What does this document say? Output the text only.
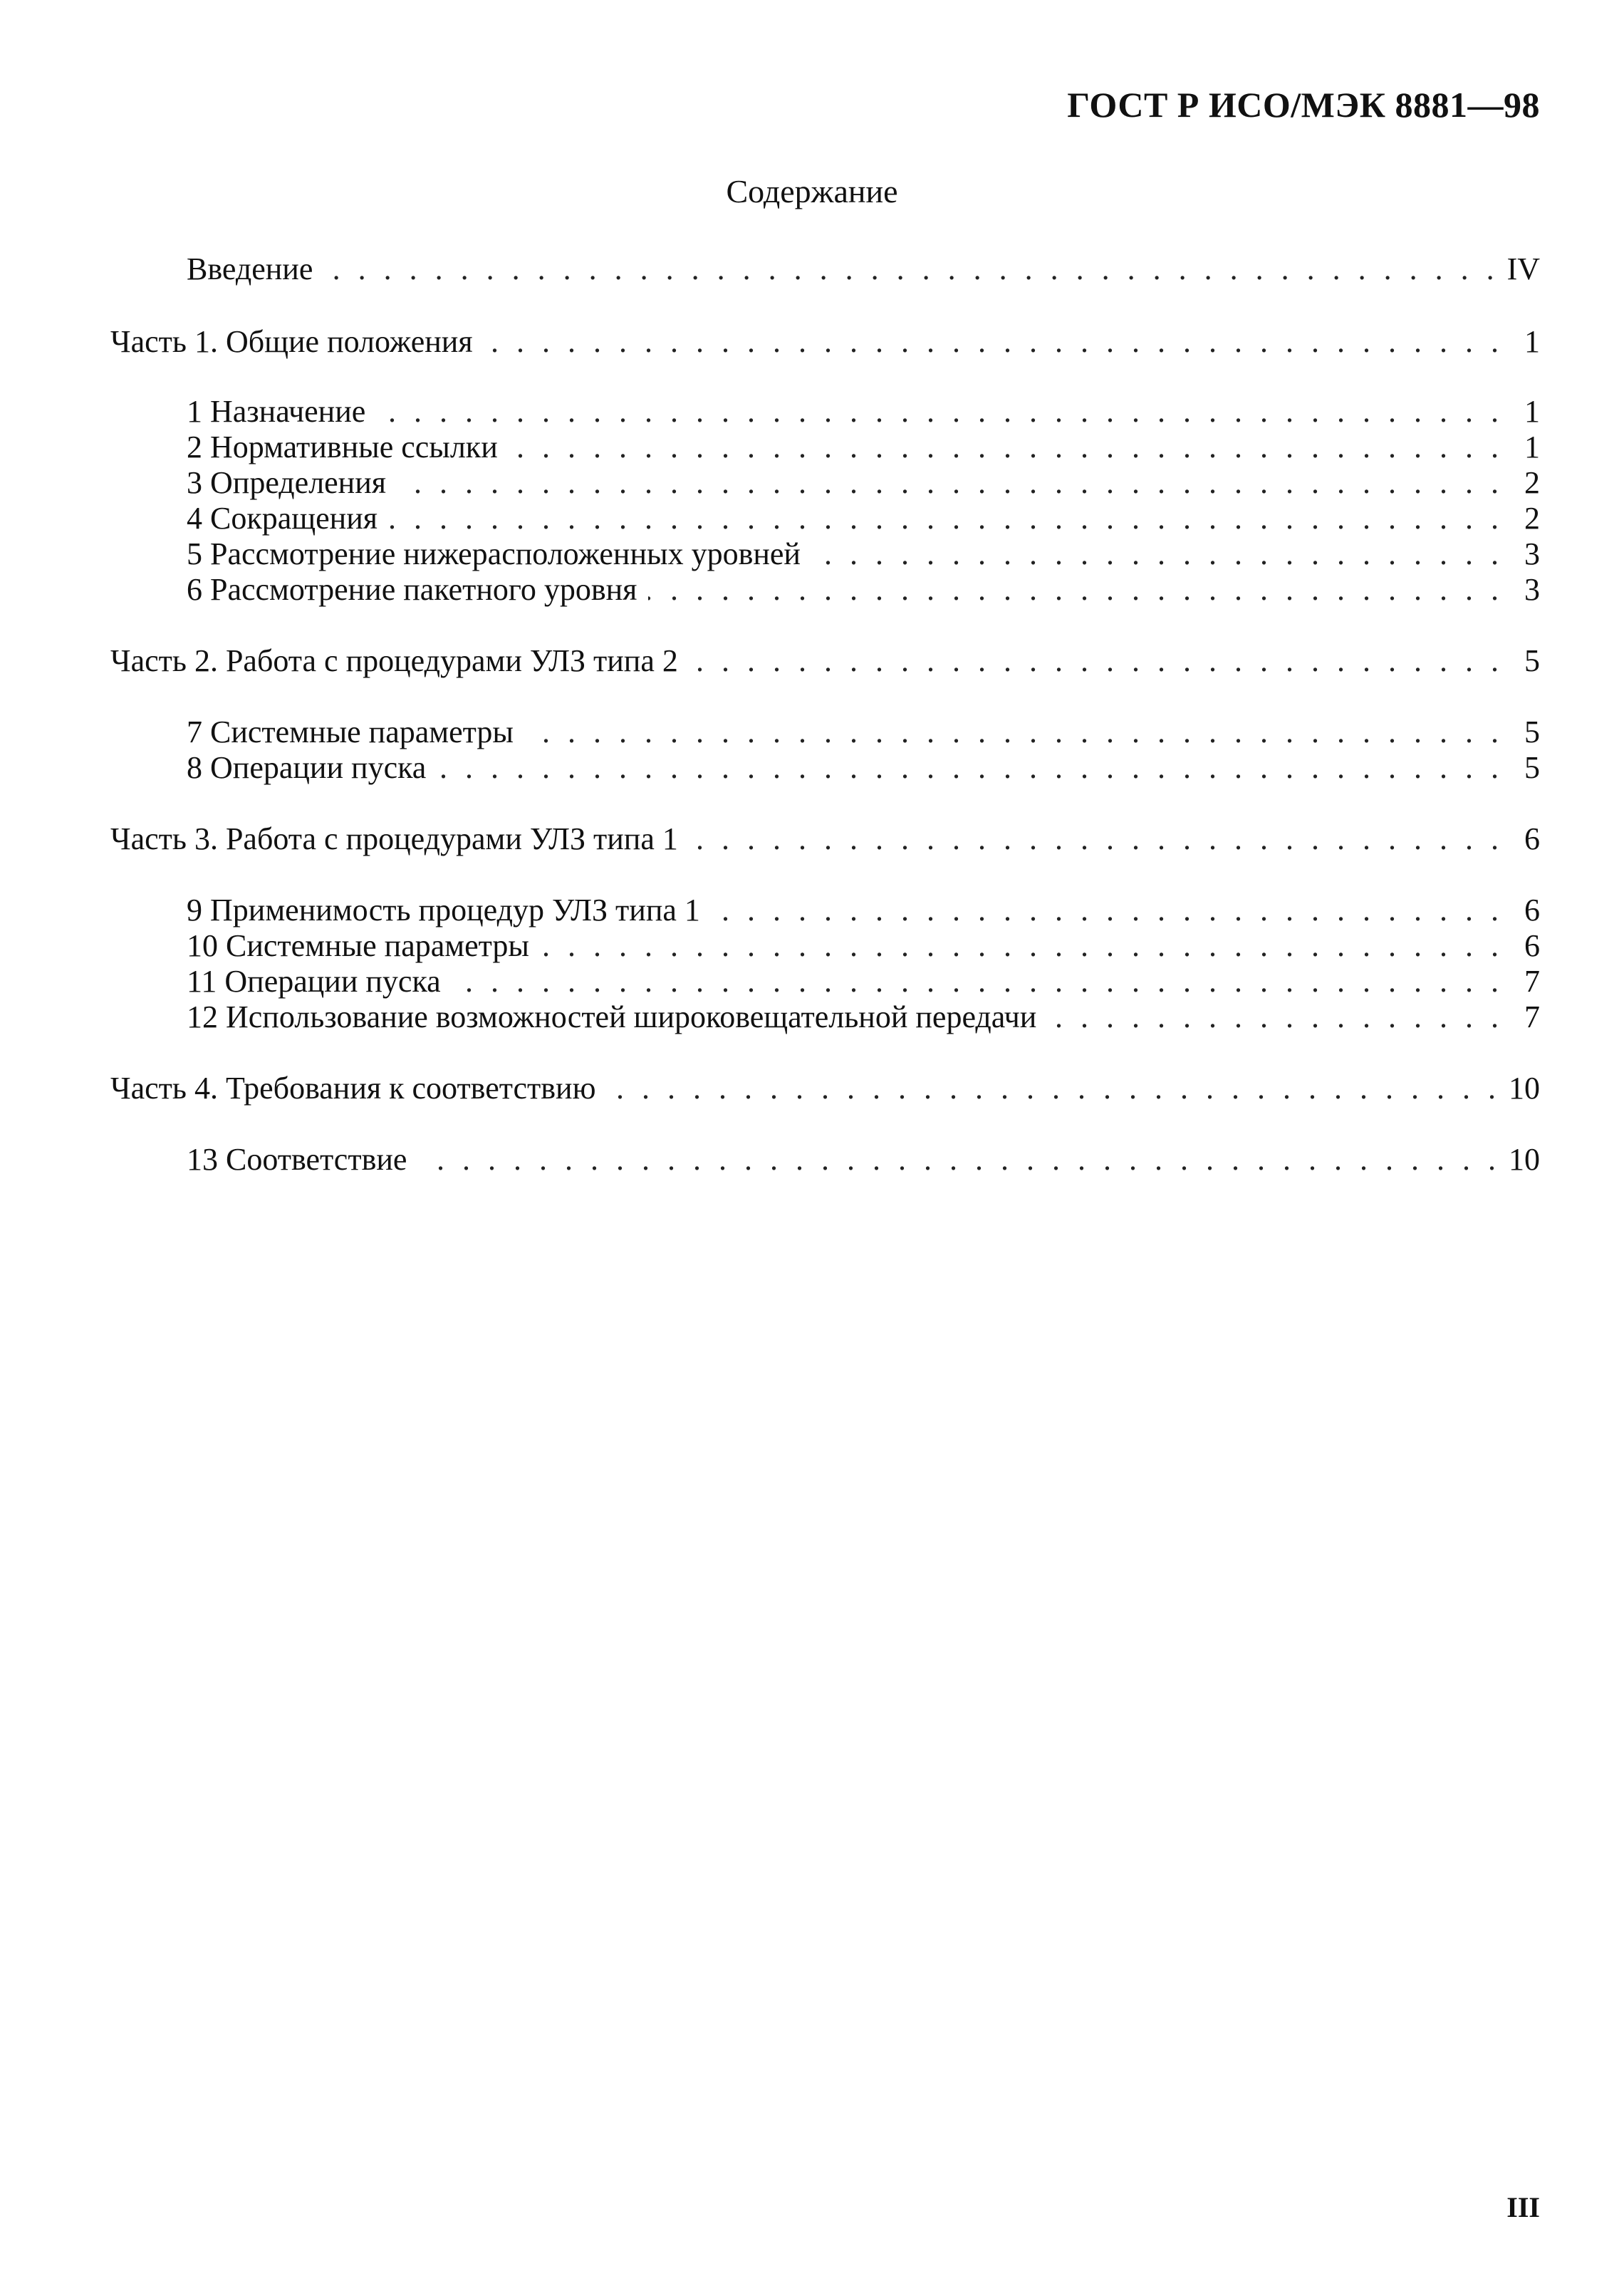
ГОСТ Р ИСО/МЭК 8881—98
Содержание
Введение . . .	IV
Часть 1. Общие положения . . .	1
1 Назначение . . .	1
2 Нормативные ссылки . . .	1
3 Определения . . .	2
4 Сокращения . . .	2
5 Рассмотрение нижерасположенных уровней . . .	3
6 Рассмотрение пакетного уровня . . .	3
Часть 2. Работа с процедурами УЛЗ типа 2 . . .	5
7 Системные параметры . . .	5
8 Операции пуска . . .	5
Часть 3. Работа с процедурами УЛЗ типа 1 . . .	6
9 Применимость процедур УЛЗ типа 1 . . .	6
10 Системные параметры . . .	6
11 Операции пуска . . .	7
12 Использование возможностей широковещательной передачи . . .	7
Часть 4. Требования к соответствию . . .	10
13 Соответствие . . .	10
III
